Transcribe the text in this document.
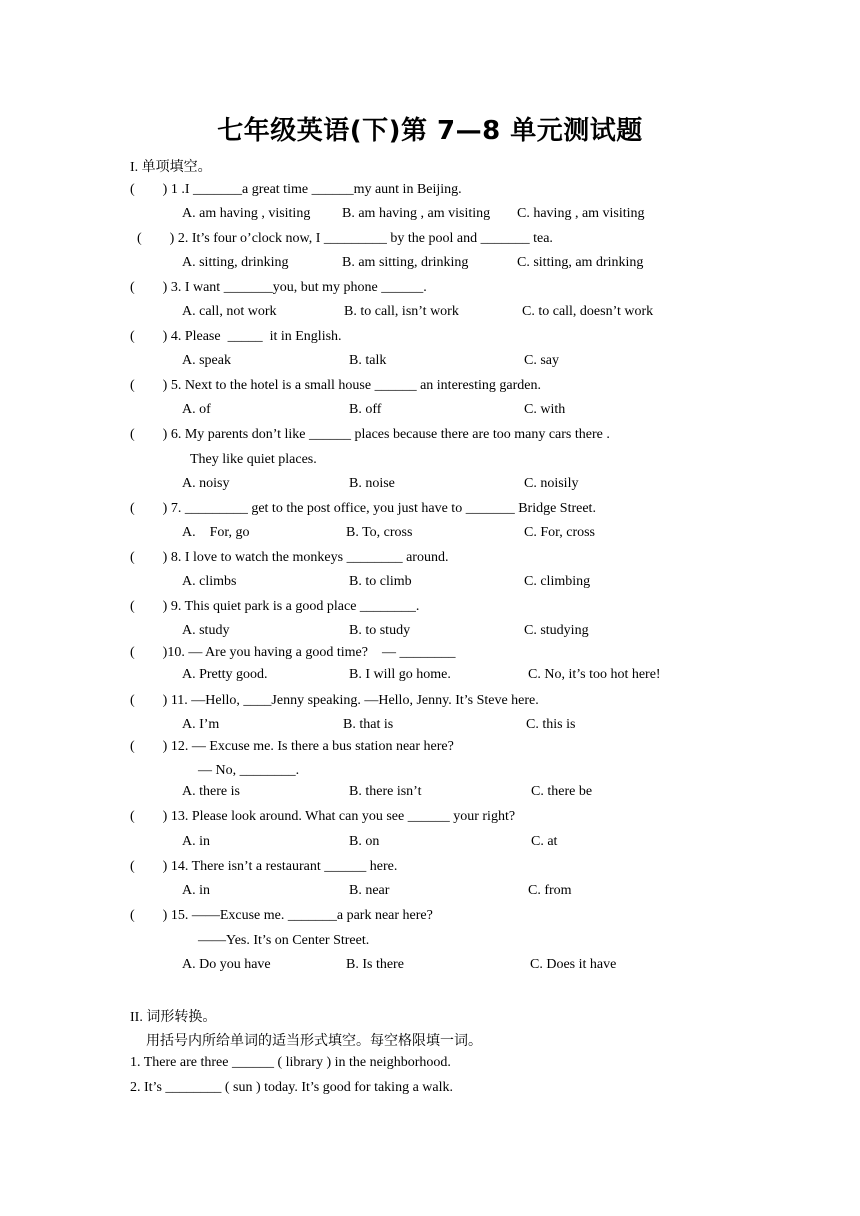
七年级英语(下)第 7—8 单元测试题
I. 单项填空。
(        ) 1 .I _______a great time ______my aunt in Beijing.
A. am having , visiting B. am having , am visiting C. having , am visiting
(        ) 2. It’s four o’clock now, I _________ by the pool and _______ tea.
A. sitting, drinking	B. am sitting, drinking	C. sitting, am drinking
(        ) 3. I want _______you, but my phone ______.
A. call, not work	B. to call, isn’t work	C. to call, doesn’t work
(        ) 4. Please  _____  it in English.
A. speak	B. talk	C. say
(        ) 5. Next to the hotel is a small house ______ an interesting garden.
A. of	B. off	C. with
(        ) 6. My parents don’t like ______ places because there are too many cars there .
They like quiet places.
A. noisy	B. noise	C. noisily
(        ) 7. _________ get to the post office, you just have to _______ Bridge Street.
A.    For, go	B. To, cross	C. For, cross
(        ) 8. I love to watch the monkeys ________ around.
A. climbs	B. to climb	C. climbing
(        ) 9. This quiet park is a good place ________.
A. study	B. to study	C. studying
(        )10. — Are you having a good time?    — ________
A. Pretty good.	B. I will go home.	C. No, it’s too hot here!
(        ) 11. —Hello, ____Jenny speaking. —Hello, Jenny. It’s Steve here.
A. I’m	B. that is	C. this is
(        ) 12. — Excuse me. Is there a bus station near here?
— No, ________.
A. there is	B. there isn’t	C. there be
(        ) 13. Please look around. What can you see ______ your right?
A. in	B. on	C. at
(        ) 14. There isn’t a restaurant ______ here.
A. in	B. near	C. from
(        ) 15. ——Excuse me. _______a park near here?
——Yes. It’s on Center Street.
A. Do you have	B. Is there	C. Does it have
II. 词形转换。
用括号内所给单词的适当形式填空。每空格限填一词。
1. There are three ______ ( library ) in the neighborhood.
2. It’s ________ ( sun ) today. It’s good for taking a walk.
